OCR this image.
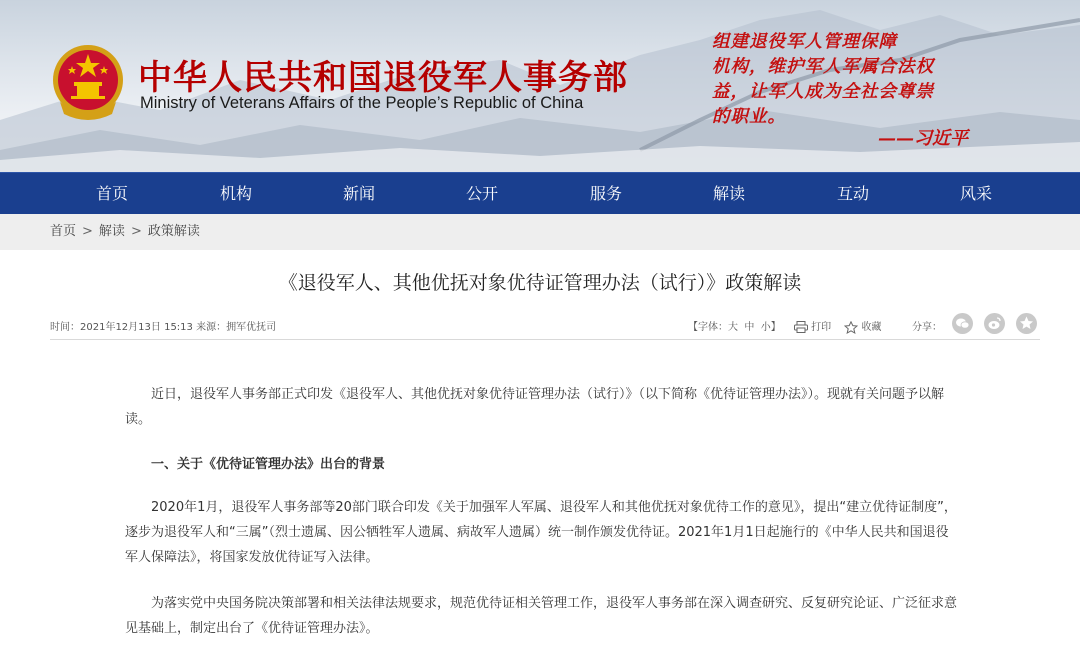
中华人民共和国退役军人事务部
Ministry of Veterans Affairs of the People’s Republic of China
组建退役军人管理保障
机构，维护军人军属合法权
益，让军人成为全社会尊崇
的职业。
——习近平
首页	机构	新闻	公开	服务	解读	互动	风采
首页 > 解读 > 政策解读
《退役军人、其他优抚对象优待证管理办法（试行）》政策解读
时间：2021年12月13日 15:13 来源：拥军优抚司	【字体：大 中 小】	打印	收藏	分享：

近日，退役军人事务部正式印发《退役军人、其他优抚对象优待证管理办法（试行）》（以下简称《优待证管理办法》）。现就有关问题予以解读。

一、关于《优待证管理办法》出台的背景

2020年1月，退役军人事务部等20部门联合印发《关于加强军人军属、退役军人和其他优抚对象优待工作的意见》，提出“建立优待证制度”，逐步为退役军人和“三属”（烈士遗属、因公牺牲军人遗属、病故军人遗属）统一制作颁发优待证。2021年1月1日起施行的《中华人民共和国退役军人保障法》，将国家发放优待证写入法律。

为落实党中央国务院决策部署和相关法律法规要求，规范优待证相关管理工作，退役军人事务部在深入调查研究、反复研究论证、广泛征求意见基础上，制定出台了《优待证管理办法》。
